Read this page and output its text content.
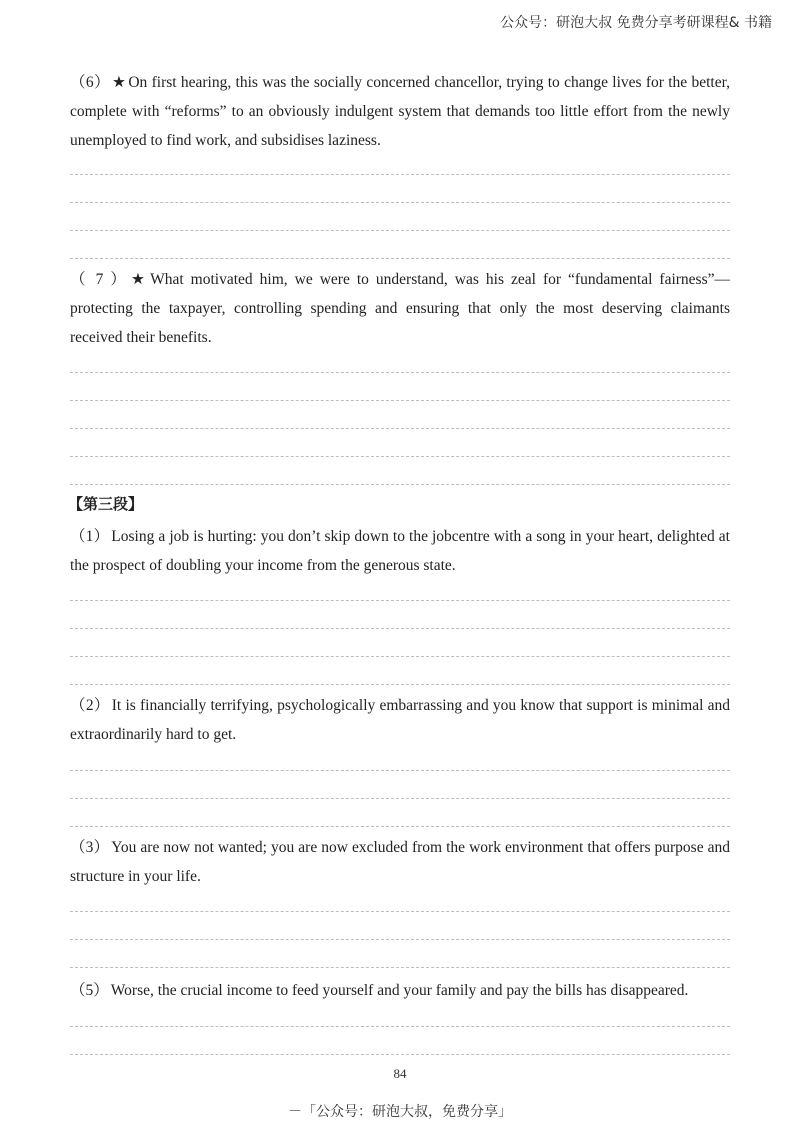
公众号：研泡大叔 免费分享考研课程& 书籍
（6） ★ On first hearing, this was the socially concerned chancellor, trying to change lives for the better, complete with “reforms” to an obviously indulgent system that demands too little effort from the newly unemployed to find work, and subsidises laziness.
（ 7 ） ★ What motivated him, we were to understand, was his zeal for “fundamental fairness”—protecting the taxpayer, controlling spending and ensuring that only the most deserving claimants received their benefits.
【第三段】
（1） Losing a job is hurting: you don’t skip down to the jobcentre with a song in your heart, delighted at the prospect of doubling your income from the generous state.
（2） It is financially terrifying, psychologically embarrassing and you know that support is minimal and extraordinarily hard to get.
（3） You are now not wanted; you are now excluded from the work environment that offers purpose and structure in your life.
（5） Worse, the crucial income to feed yourself and your family and pay the bills has disappeared.
84
－「公众号：研泡大叔，免费分享」
